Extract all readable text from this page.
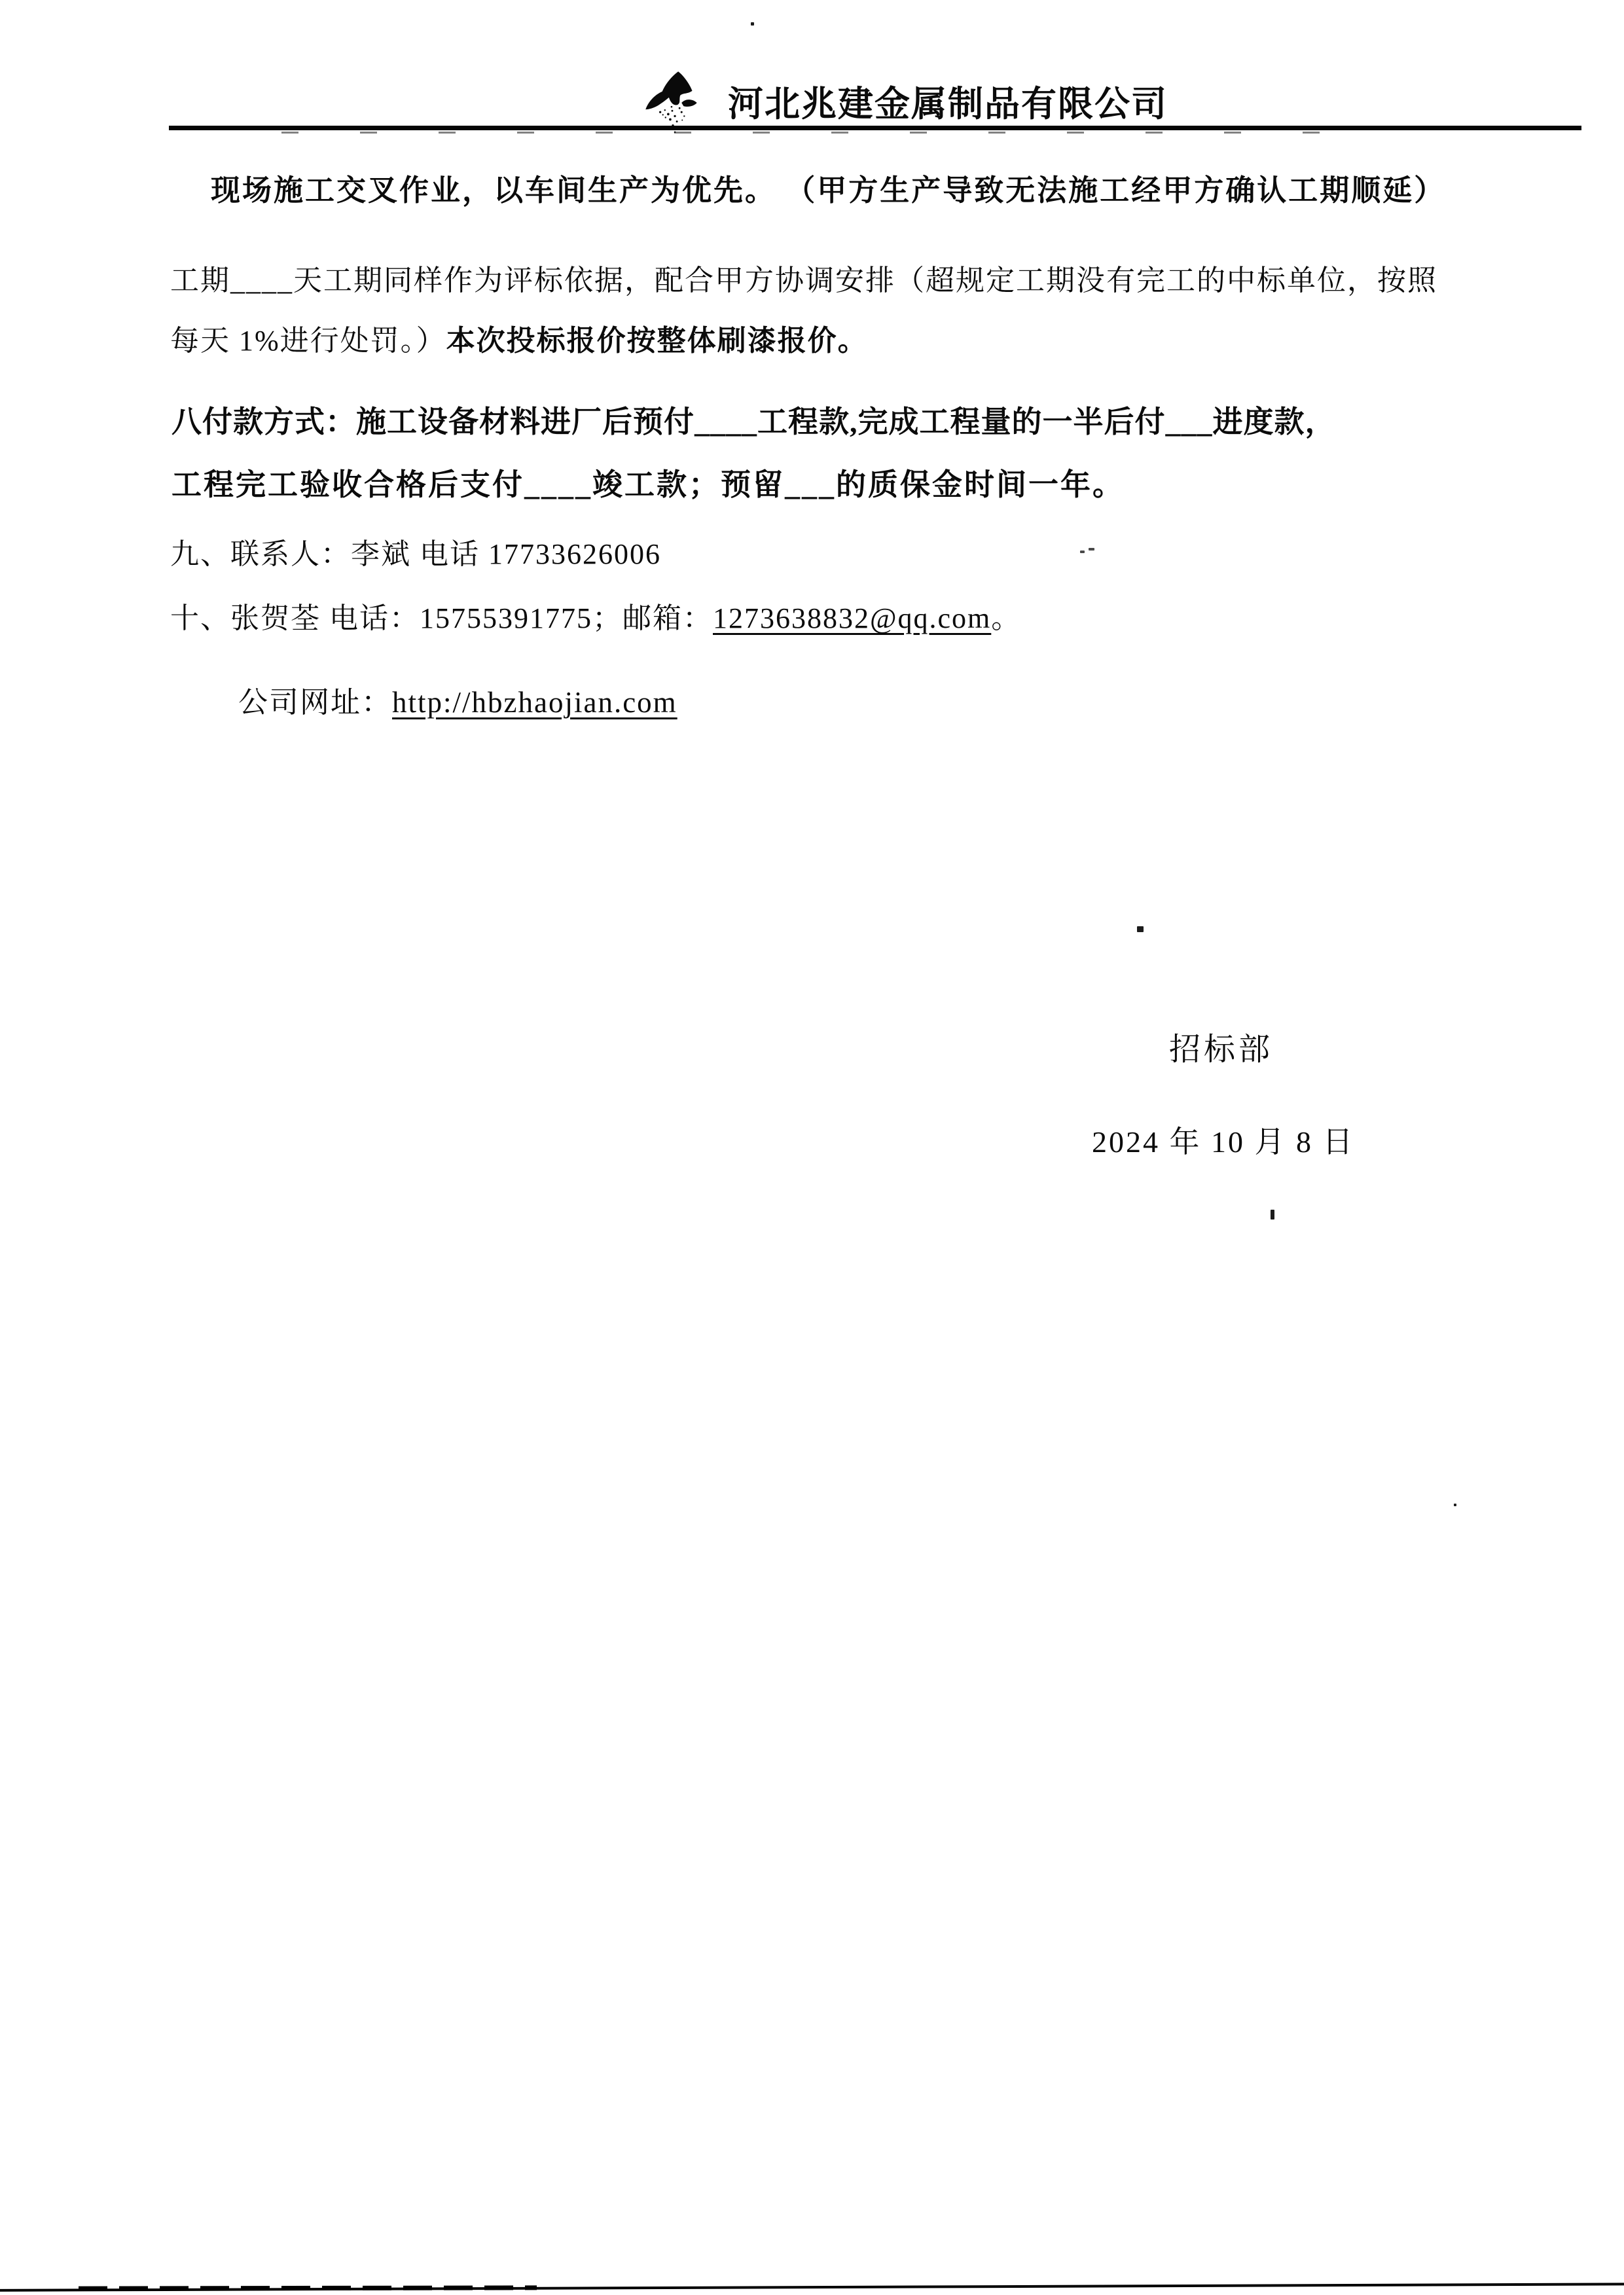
河北兆建金属制品有限公司
现场施工交叉作业，以车间生产为优先。 （甲方生产导致无法施工经甲方确认工期顺延）
工期____天工期同样作为评标依据，配合甲方协调安排（超规定工期没有完工的中标单位，按照
每天 1%进行处罚。）本次投标报价按整体刷漆报价。
八付款方式：施工设备材料进厂后预付____工程款,完成工程量的一半后付___进度款，
工程完工验收合格后支付____竣工款；预留___的质保金时间一年。
九、联系人：李斌 电话 17733626006
十、张贺荃 电话：15755391775；邮箱：1273638832@qq.com。
公司网址：http://hbzhaojian.com
招标部
2024 年 10 月 8 日
